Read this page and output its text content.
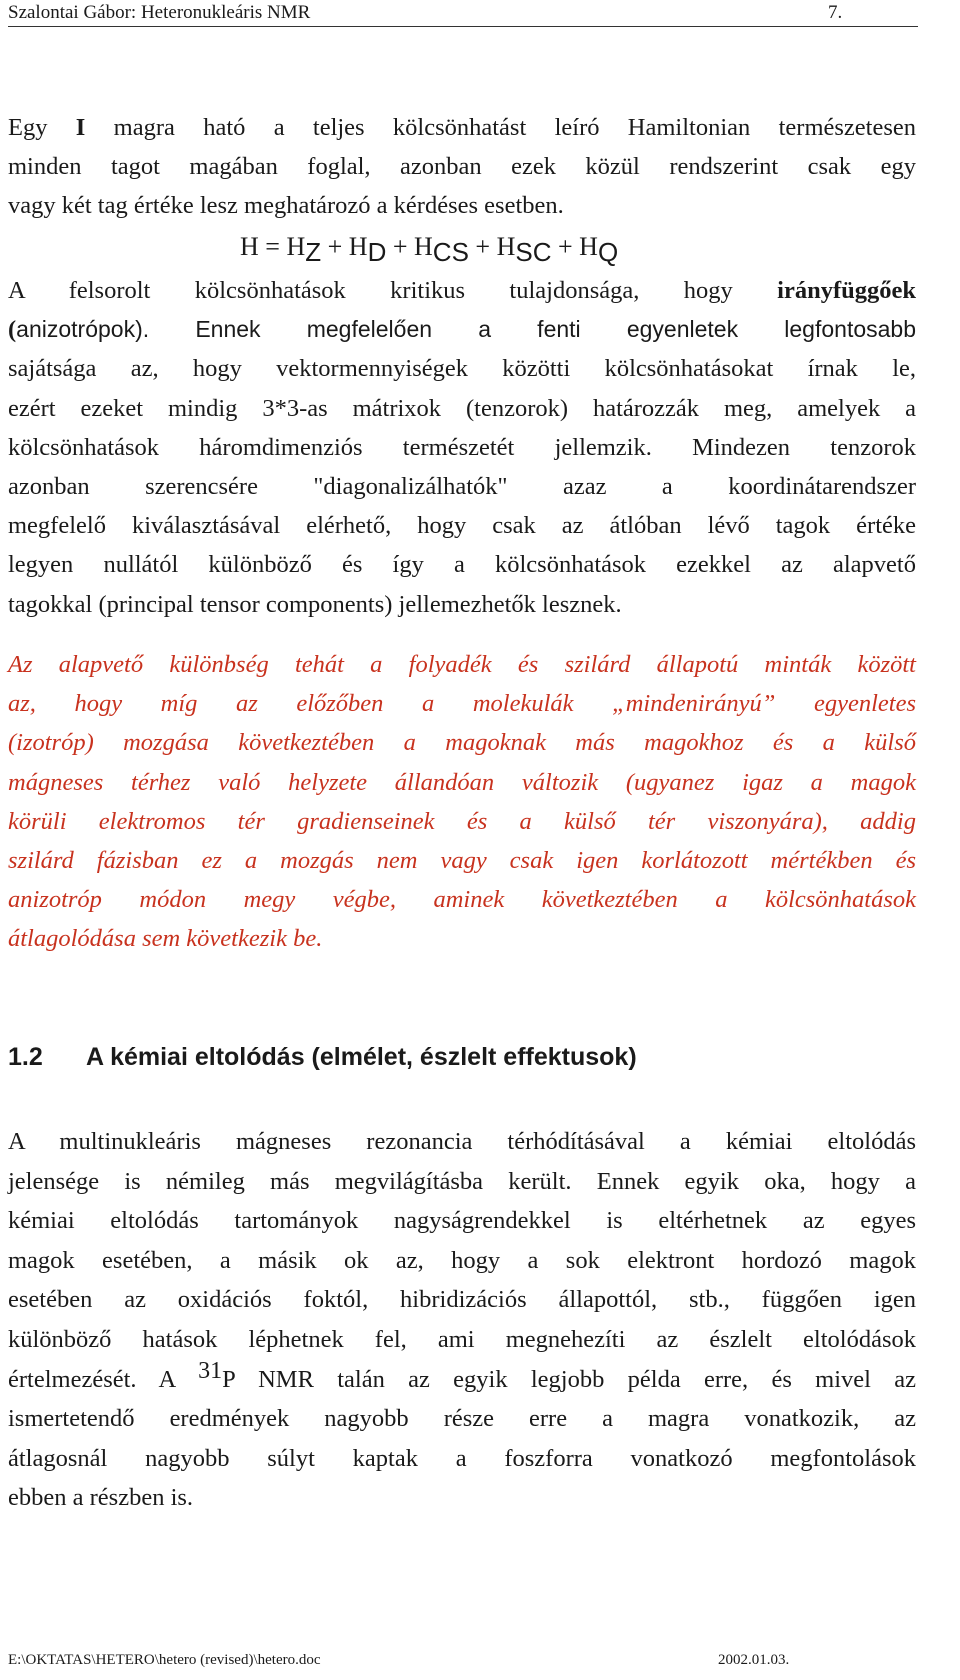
Szalontai Gábor: Heteronukleáris NMR	7.
Egy I magra ható a teljes kölcsönhatást leíró Hamiltonian természetesen
minden tagot magában foglal, azonban ezek közül rendszerint csak egy
vagy két tag értéke lesz meghatározó a kérdéses esetben.
$H = H_Z + H_D + H_{CS} + H_{SC} + H_Q$
A felsorolt kölcsönhatások kritikus tulajdonsága, hogy irányfüggőek
(anizotrópok). Ennek megfelelően a fenti egyenletek legfontosabb
sajátsága az, hogy vektormennyiségek közötti kölcsönhatásokat írnak le,
ezért ezeket mindig 3*3-as mátrixok (tenzorok) határozzák meg, amelyek a
kölcsönhatások háromdimenziós természetét jellemzik. Mindezen tenzorok
azonban szerencsére "diagonalizálhatók" azaz a koordinátarendszer
megfelelő kiválasztásával elérhető, hogy csak az átlóban lévő tagok értéke
legyen nullától különböző és így a kölcsönhatások ezekkel az alapvető
tagokkal (principal tensor components) jellemezhetők lesznek.
Az alapvető különbség tehát a folyadék és szilárd állapotú minták között
az, hogy míg az előzőben a molekulák „mindenirányú” egyenletes
(izotróp) mozgása következtében a magoknak más magokhoz és a külső
mágneses térhez való helyzete állandóan változik (ugyanez igaz a magok
körüli elektromos tér gradienseinek és a külső tér viszonyára), addig
szilárd fázisban ez a mozgás nem vagy csak igen korlátozott mértékben és
anizotróp módon megy végbe, aminek következtében a kölcsönhatások
átlagolódása sem következik be.
1.2 A kémiai eltolódás (elmélet, észlelt effektusok)
A multinukleáris mágneses rezonancia térhódításával a kémiai eltolódás
jelensége is némileg más megvilágításba került. Ennek egyik oka, hogy a
kémiai eltolódás tartományok nagyságrendekkel is eltérhetnek az egyes
magok esetében, a másik ok az, hogy a sok elektront hordozó magok
esetében az oxidációs foktól, hibridizációs állapottól, stb., függően igen
különböző hatások léphetnek fel, ami megnehezíti az észlelt eltolódások
értelmezését. A $^{31}$P NMR talán az egyik legjobb példa erre, és mivel az
ismertetendő eredmények nagyobb része erre a magra vonatkozik, az
átlagosnál nagyobb súlyt kaptak a foszforra vonatkozó megfontolások
ebben a részben is.
E:\OKTATAS\HETERO\hetero (revised)\hetero.doc	2002.01.03.
